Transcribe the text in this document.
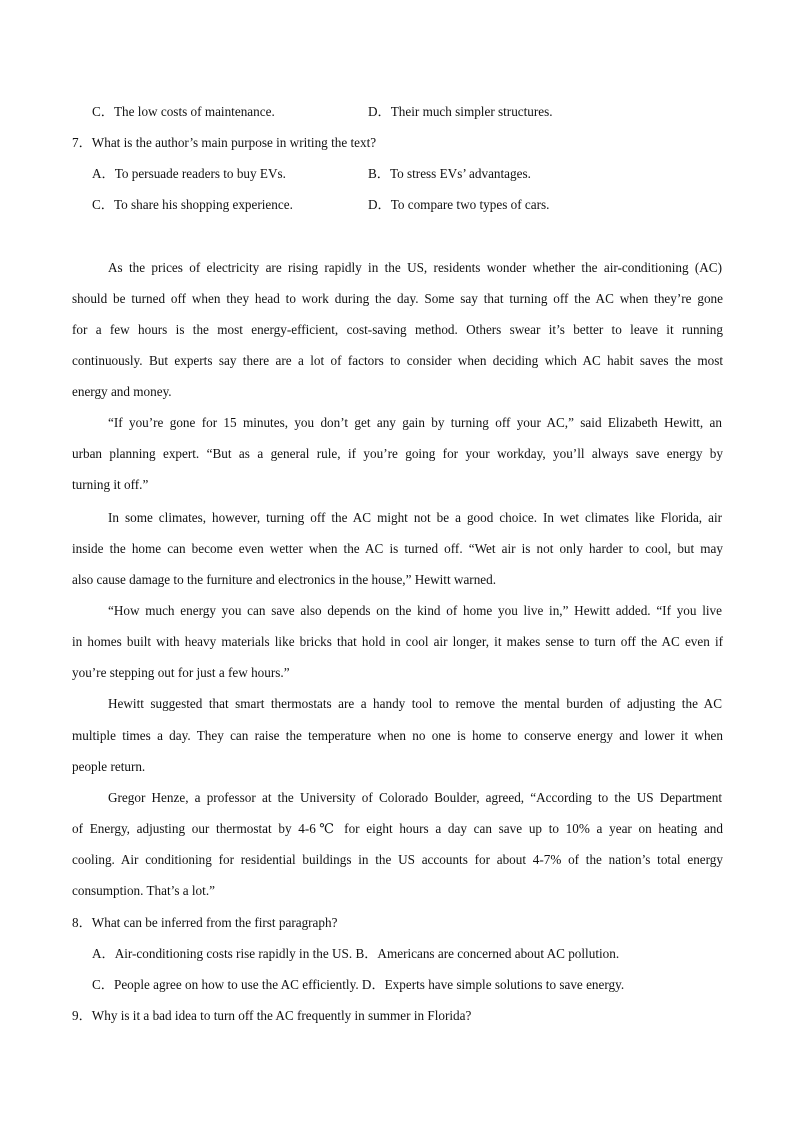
C．The low costs of maintenance.	D．Their much simpler structures.
7．What is the author’s main purpose in writing the text?
A．To persuade readers to buy EVs.	B．To stress EVs’ advantages.
C．To share his shopping experience.	D．To compare two types of cars.
As the prices of electricity are rising rapidly in the US, residents wonder whether the air-conditioning (AC)
should be turned off when they head to work during the day. Some say that turning off the AC when they’re gone
for a few hours is the most energy-efficient, cost-saving method. Others swear it’s better to leave it running
continuously. But experts say there are a lot of factors to consider when deciding which AC habit saves the most
energy and money.
“If you’re gone for 15 minutes, you don’t get any gain by turning off your AC,” said Elizabeth Hewitt, an
urban planning expert. “But as a general rule, if you’re going for your workday, you’ll always save energy by
turning it off.”
In some climates, however, turning off the AC might not be a good choice. In wet climates like Florida, air
inside the home can become even wetter when the AC is turned off. “Wet air is not only harder to cool, but may
also cause damage to the furniture and electronics in the house,” Hewitt warned.
“How much energy you can save also depends on the kind of home you live in,” Hewitt added. “If you live
in homes built with heavy materials like bricks that hold in cool air longer, it makes sense to turn off the AC even if
you’re stepping out for just a few hours.”
Hewitt suggested that smart thermostats are a handy tool to remove the mental burden of adjusting the AC
multiple times a day. They can raise the temperature when no one is home to conserve energy and lower it when
people return.
Gregor Henze, a professor at the University of Colorado Boulder, agreed, “According to the US Department
of Energy, adjusting our thermostat by 4-6℃ for eight hours a day can save up to 10% a year on heating and
cooling. Air conditioning for residential buildings in the US accounts for about 4-7% of the nation’s total energy
consumption. That’s a lot.”
8．What can be inferred from the first paragraph?
A．Air-conditioning costs rise rapidly in the US. B．Americans are concerned about AC pollution.
C．People agree on how to use the AC efficiently. D．Experts have simple solutions to save energy.
9．Why is it a bad idea to turn off the AC frequently in summer in Florida?
